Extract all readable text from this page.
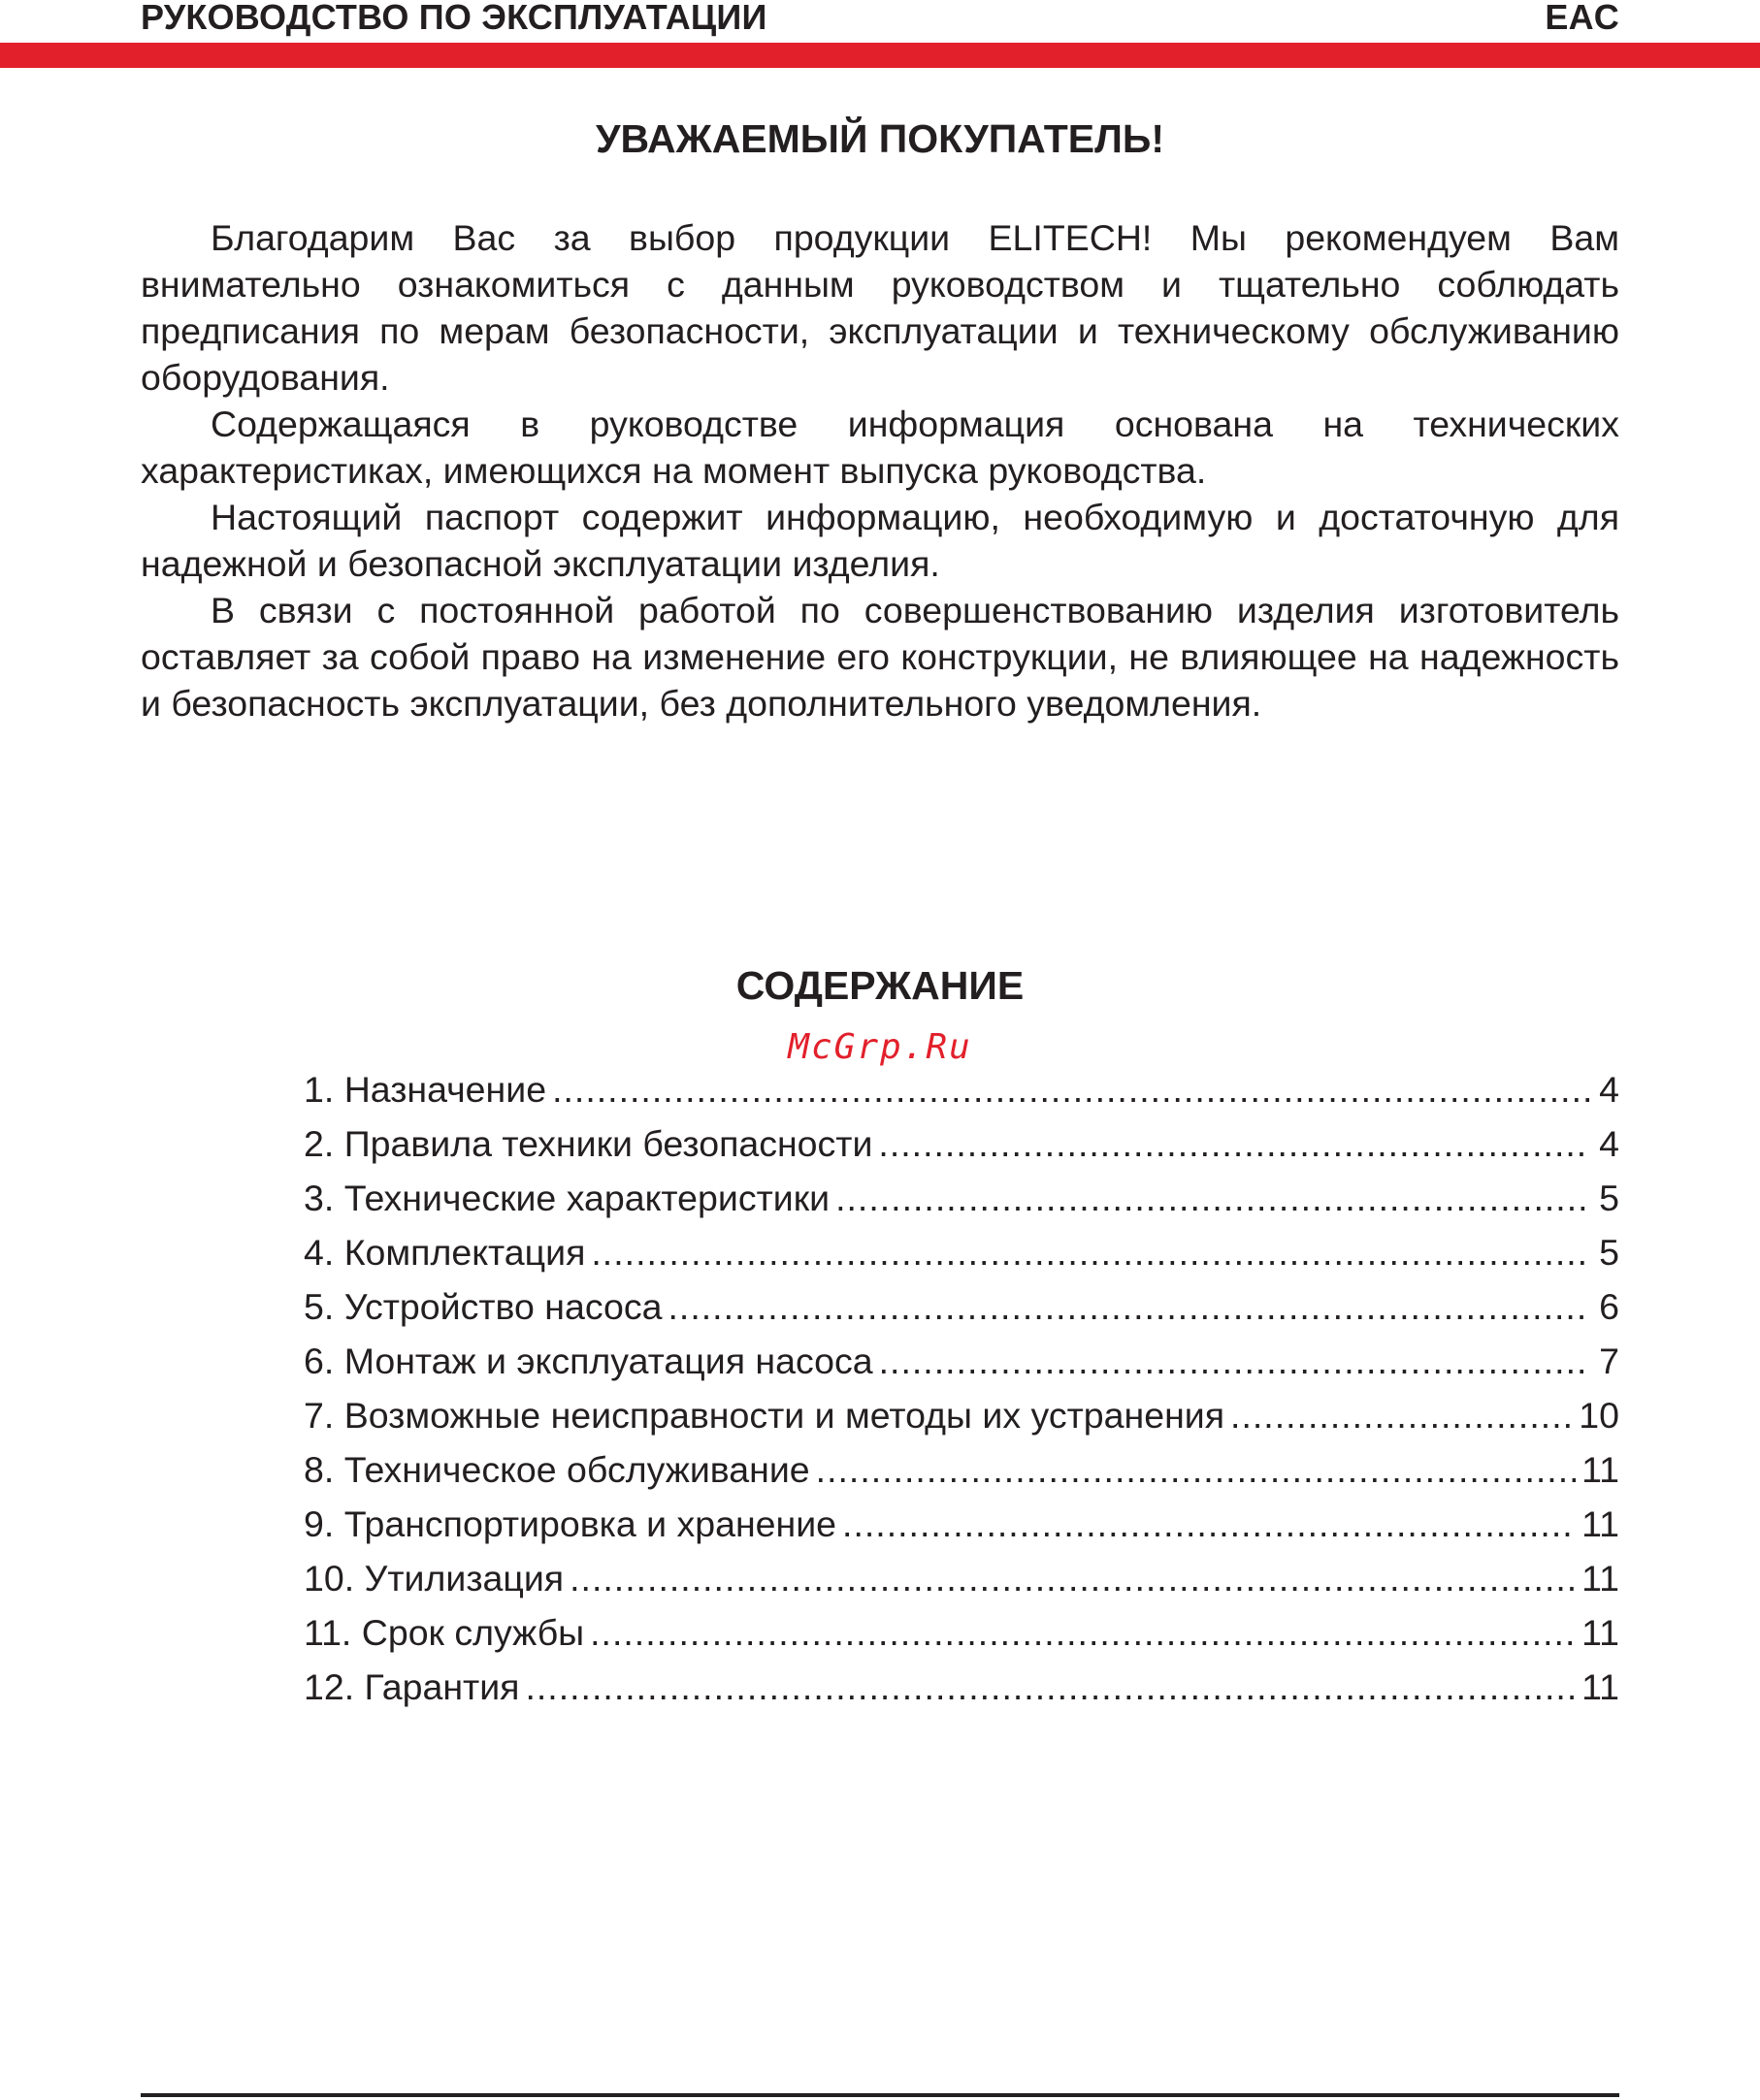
РУКОВОДСТВО ПО ЭКСПЛУАТАЦИИ	EAC
УВАЖАЕМЫЙ ПОКУПАТЕЛЬ!

Благодарим Вас за выбор продукции ELITECH! Мы рекомендуем Вам внимательно ознакомиться с данным руководством и тщательно соблюдать предписания по мерам безопасности, эксплуатации и техническому обслуживанию оборудования.

Содержащаяся в руководстве информация основана на технических характеристиках, имеющихся на момент выпуска руководства.

Настоящий паспорт содержит информацию, необходимую и достаточную для надежной и безопасной эксплуатации изделия.

В связи с постоянной работой по совершенствованию изделия изготовитель оставляет за собой право на изменение его конструкции, не влияющее на надежность и безопасность эксплуатации, без дополнительного уведомления.

СОДЕРЖАНИЕ
McGrp.Ru
1. Назначение .....	4
2. Правила техники безопасности .....	4
3. Технические характеристики .....	5
4. Комплектация .....	5
5. Устройство насоса .....	6
6. Монтаж и эксплуатация насоса .....	7
7. Возможные неисправности и методы их устранения .....	10
8. Техническое обслуживание .....	11
9. Транспортировка и хранение .....	11
10. Утилизация .....	11
11. Срок службы .....	11
12. Гарантия .....	11
